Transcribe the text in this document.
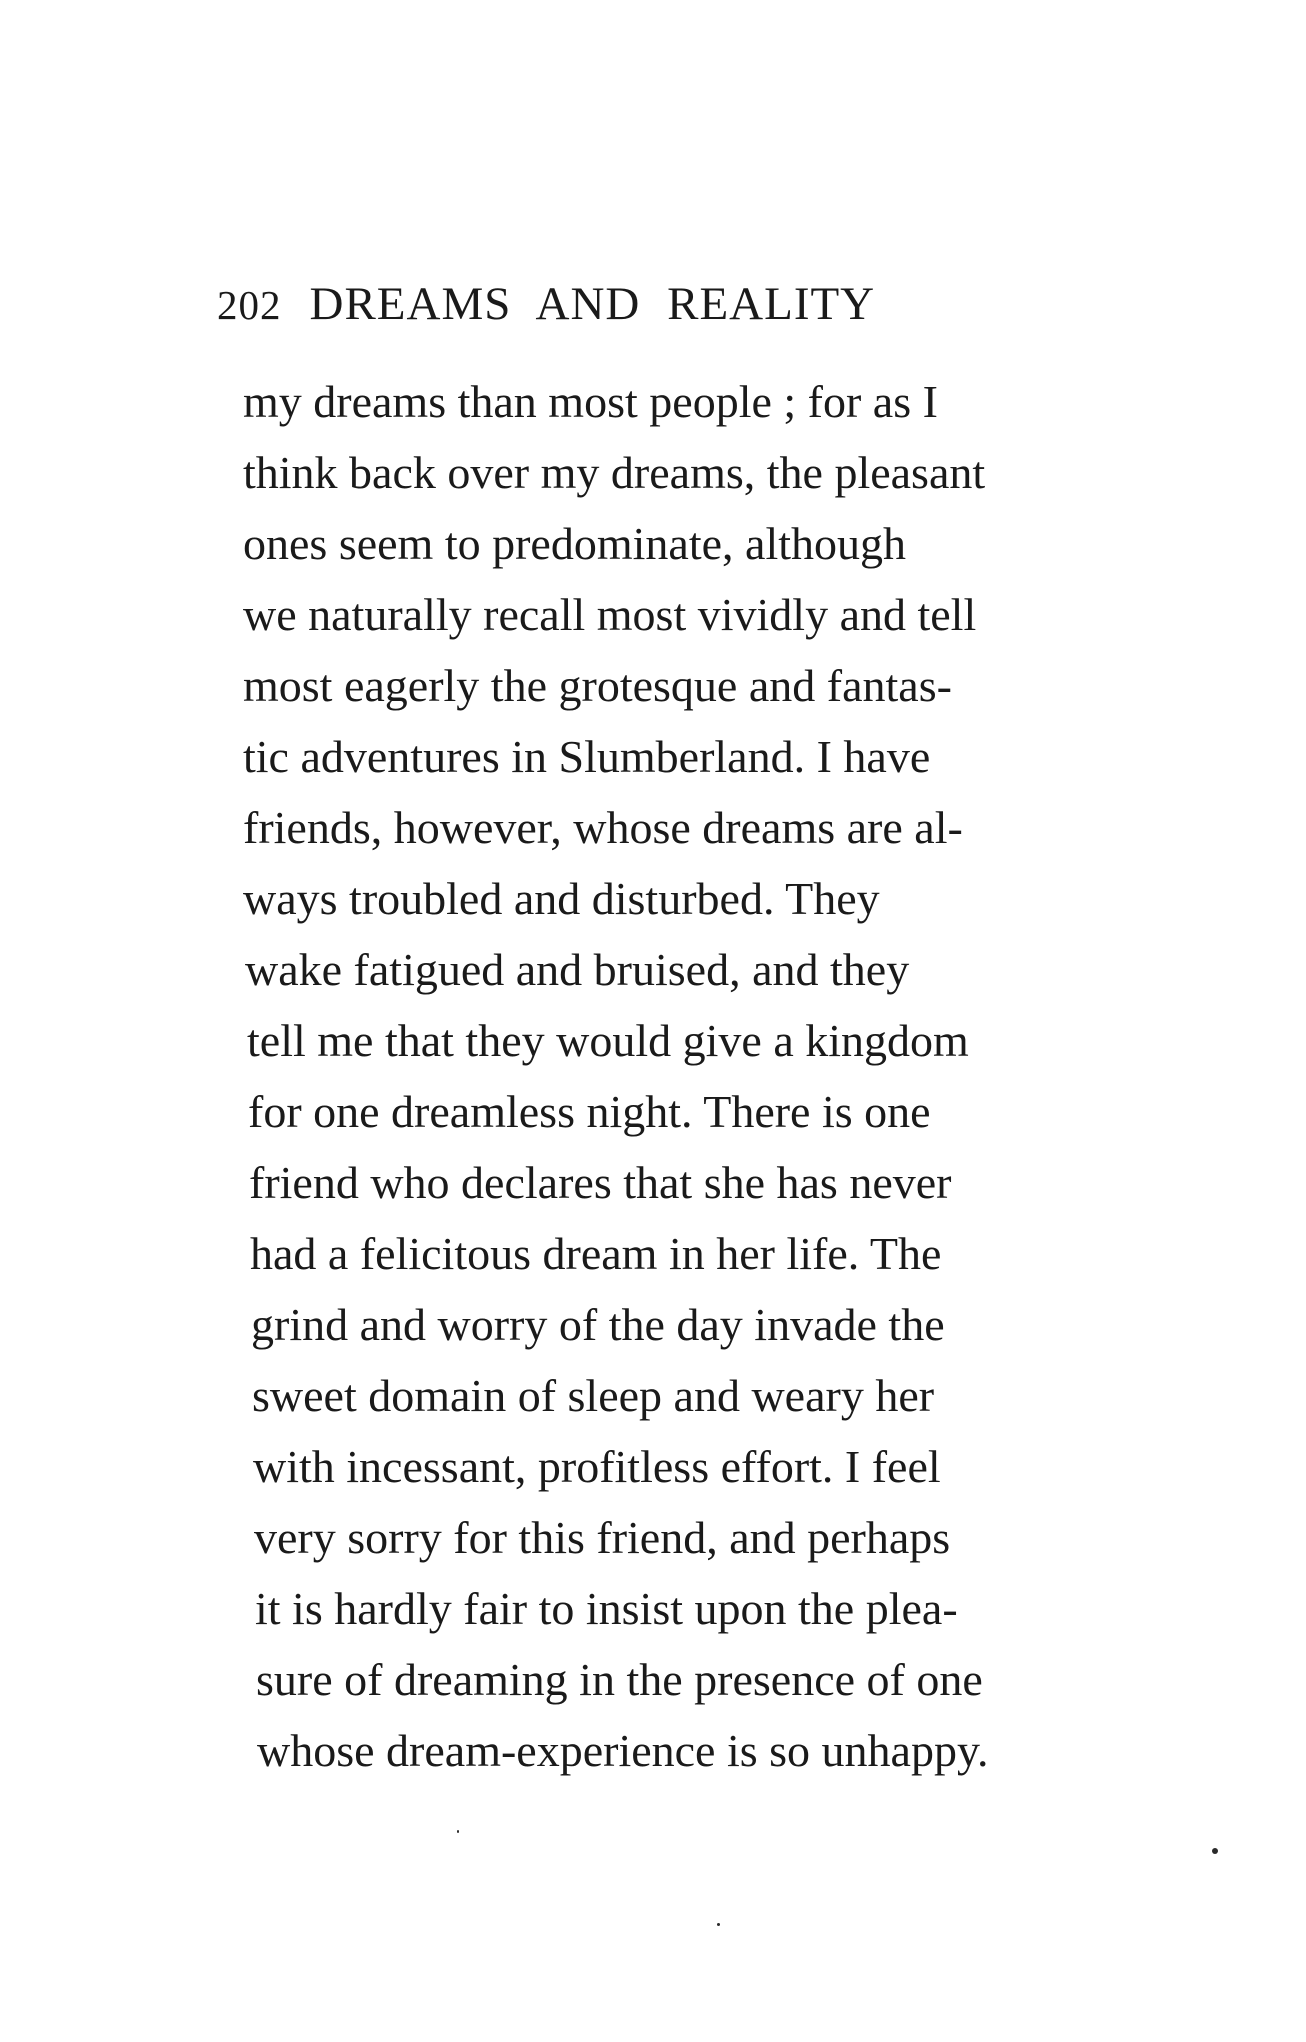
202 DREAMS AND REALITY
my dreams than most people ; for as I
think back over my dreams, the pleasant
ones seem to predominate, although
we naturally recall most vividly and tell
most eagerly the grotesque and fantas-
tic adventures in Slumberland. I have
friends, however, whose dreams are al-
ways troubled and disturbed. They
wake fatigued and bruised, and they
tell me that they would give a kingdom
for one dreamless night. There is one
friend who declares that she has never
had a felicitous dream in her life. The
grind and worry of the day invade the
sweet domain of sleep and weary her
with incessant, profitless effort. I feel
very sorry for this friend, and perhaps
it is hardly fair to insist upon the plea-
sure of dreaming in the presence of one
whose dream-experience is so unhappy.
